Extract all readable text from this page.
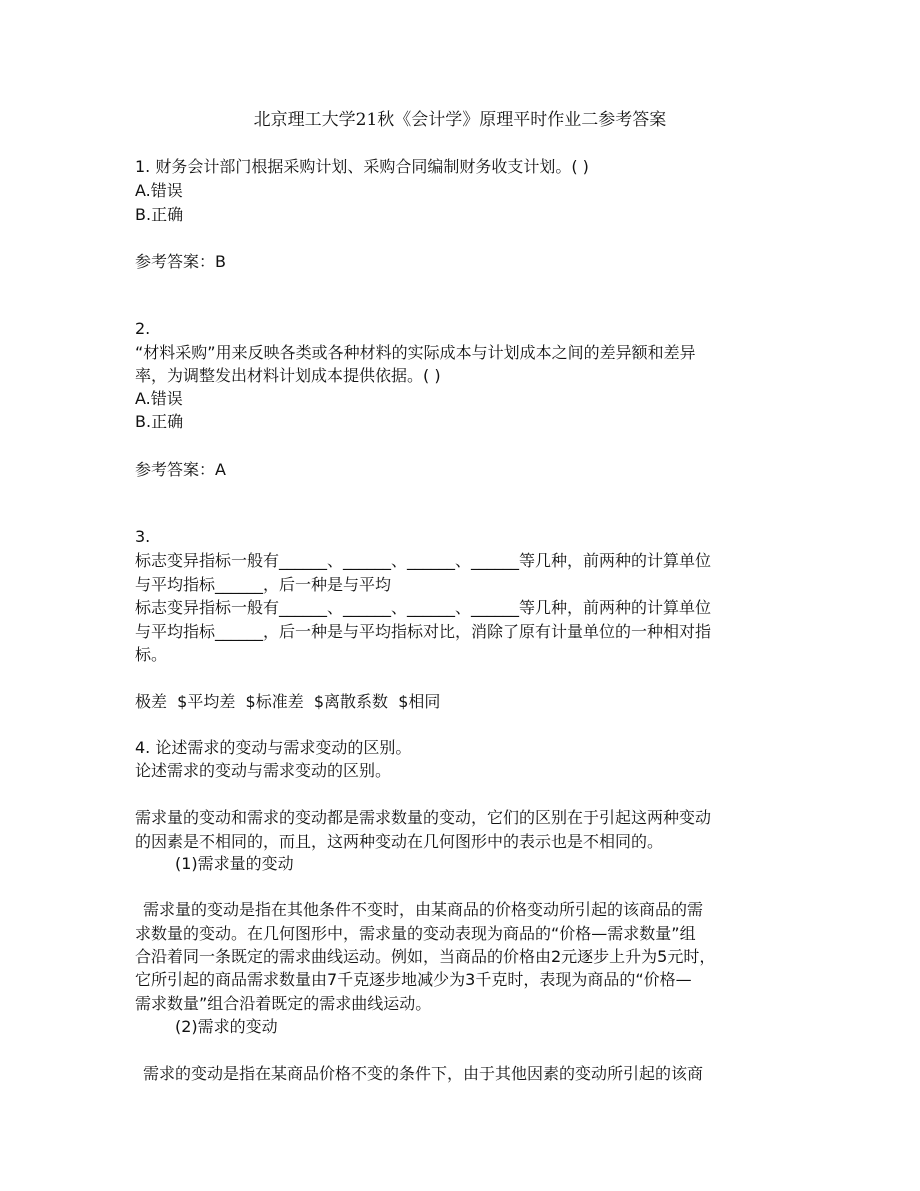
北京理工大学21秋《会计学》原理平时作业二参考答案
1. 财务会计部门根据采购计划、采购合同编制财务收支计划。( )
A.错误
B.正确
参考答案：B
2.
“材料采购”用来反映各类或各种材料的实际成本与计划成本之间的差异额和差异
率，为调整发出材料计划成本提供依据。( )
A.错误
B.正确
参考答案：A
3.
标志变异指标一般有______、______、______、______等几种，前两种的计算单位
与平均指标______，后一种是与平均
标志变异指标一般有______、______、______、______等几种，前两种的计算单位
与平均指标______，后一种是与平均指标对比，消除了原有计量单位的一种相对指
标。
极差  $平均差  $标准差  $离散系数  $相同
4. 论述需求的变动与需求变动的区别。
论述需求的变动与需求变动的区别。
需求量的变动和需求的变动都是需求数量的变动，它们的区别在于引起这两种变动
的因素是不相同的，而且，这两种变动在几何图形中的表示也是不相同的。
(1)需求量的变动
需求量的变动是指在其他条件不变时，由某商品的价格变动所引起的该商品的需
求数量的变动。在几何图形中，需求量的变动表现为商品的“价格—需求数量”组
合沿着同一条既定的需求曲线运动。例如，当商品的价格由2元逐步上升为5元时，
它所引起的商品需求数量由7千克逐步地减少为3千克时，表现为商品的“价格—
需求数量”组合沿着既定的需求曲线运动。
(2)需求的变动
需求的变动是指在某商品价格不变的条件下，由于其他因素的变动所引起的该商
